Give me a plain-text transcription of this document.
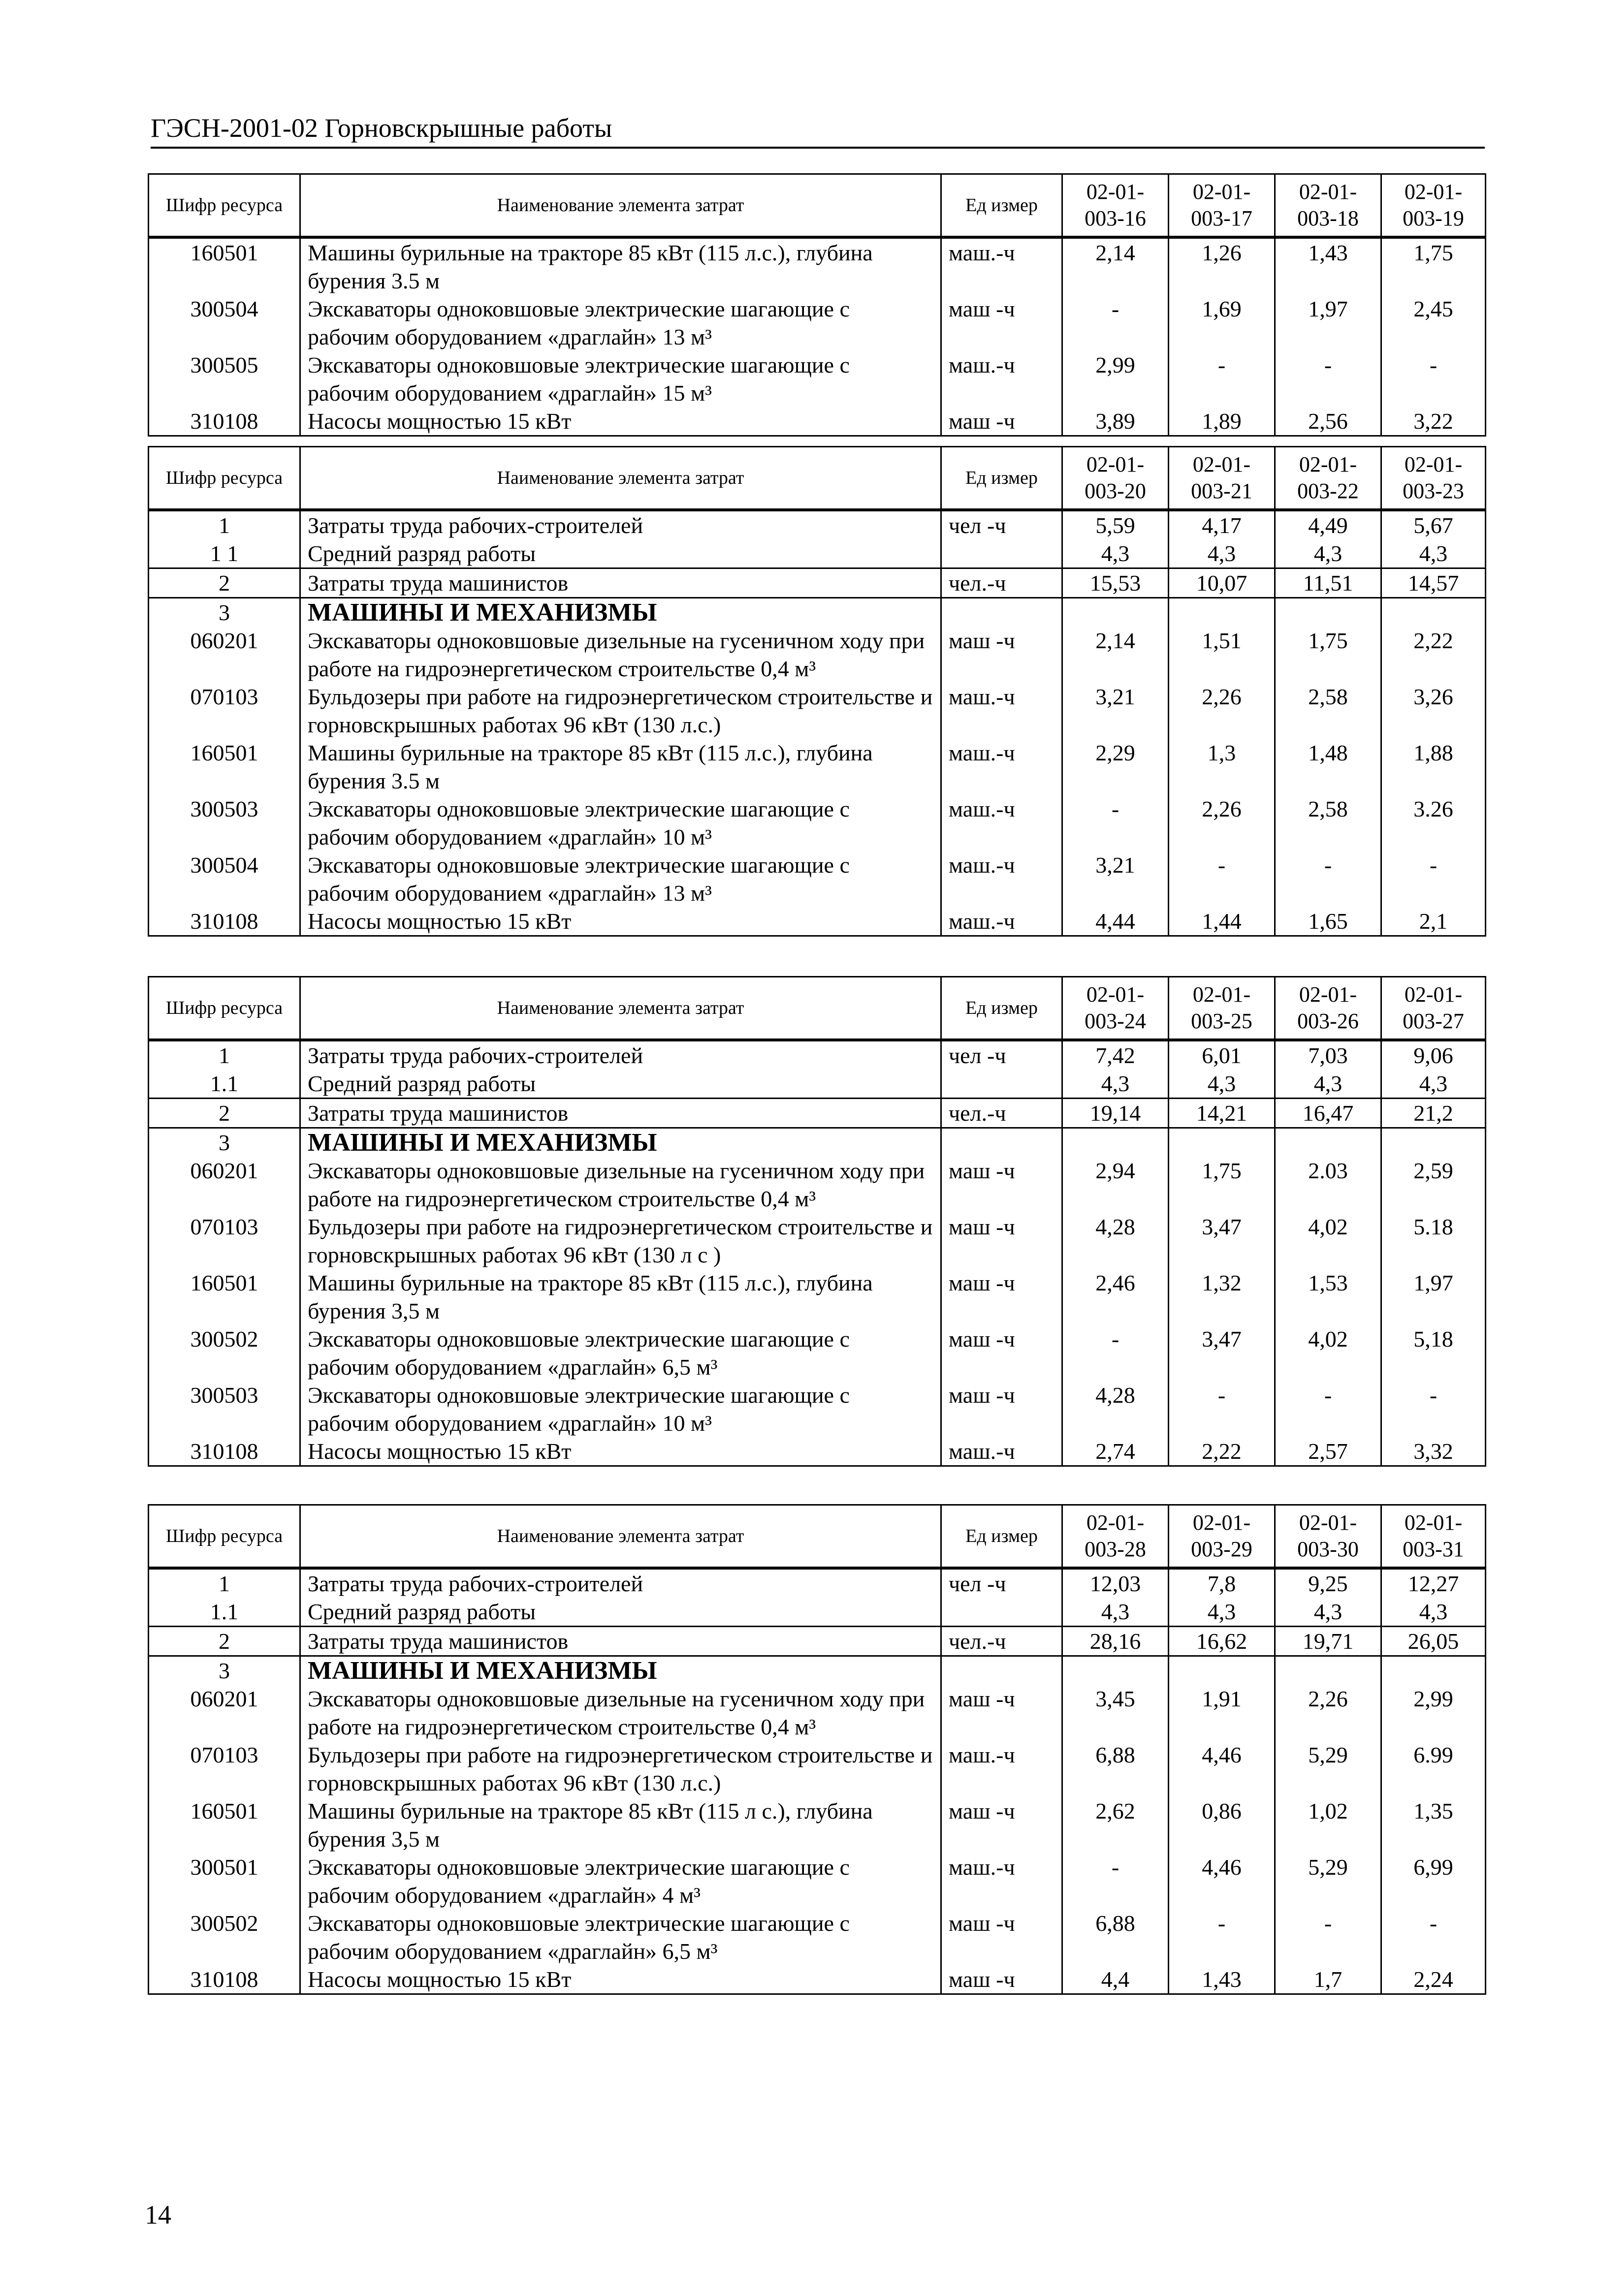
ГЭСН-2001-02 Горновскрышные работы
Шифр ресурса	Наименование элемента затрат	Ед измер	02-01-003-16	02-01-003-17	02-01-003-18	02-01-003-19
160501	Машины бурильные на тракторе 85 кВт (115 л.с.), глубина бурения 3.5 м	маш.-ч	2,14	1,26	1,43	1,75
300504	Экскаваторы одноковшовые электрические шагающие с рабочим оборудованием «драглайн» 13 м³	маш -ч	-	1,69	1,97	2,45
300505	Экскаваторы одноковшовые электрические шагающие с рабочим оборудованием «драглайн» 15 м³	маш.-ч	2,99	-	-	-
310108	Насосы мощностью 15 кВт	маш -ч	3,89	1,89	2,56	3,22
Шифр ресурса	Наименование элемента затрат	Ед измер	02-01-003-20	02-01-003-21	02-01-003-22	02-01-003-23
1	Затраты труда рабочих-строителей	чел -ч	5,59	4,17	4,49	5,67
1 1	Средний разряд работы		4,3	4,3	4,3	4,3
2	Затраты труда машинистов	чел.-ч	15,53	10,07	11,51	14,57
3	МАШИНЫ И МЕХАНИЗМЫ					
060201	Экскаваторы одноковшовые дизельные на гусеничном ходу при работе на гидроэнергетическом строительстве 0,4 м³	маш -ч	2,14	1,51	1,75	2,22
070103	Бульдозеры при работе на гидроэнергетическом строительстве и горновскрышных работах 96 кВт (130 л.с.)	маш.-ч	3,21	2,26	2,58	3,26
160501	Машины бурильные на тракторе 85 кВт (115 л.с.), глубина бурения 3.5 м	маш.-ч	2,29	1,3	1,48	1,88
300503	Экскаваторы одноковшовые электрические шагающие с рабочим оборудованием «драглайн» 10 м³	маш.-ч	-	2,26	2,58	3.26
300504	Экскаваторы одноковшовые электрические шагающие с рабочим оборудованием «драглайн» 13 м³	маш.-ч	3,21	-	-	-
310108	Насосы мощностью 15 кВт	маш.-ч	4,44	1,44	1,65	2,1
Шифр ресурса	Наименование элемента затрат	Ед измер	02-01-003-24	02-01-003-25	02-01-003-26	02-01-003-27
1	Затраты труда рабочих-строителей	чел -ч	7,42	6,01	7,03	9,06
1.1	Средний разряд работы		4,3	4,3	4,3	4,3
2	Затраты труда машинистов	чел.-ч	19,14	14,21	16,47	21,2
3	МАШИНЫ И МЕХАНИЗМЫ					
060201	Экскаваторы одноковшовые дизельные на гусеничном ходу при работе на гидроэнергетическом строительстве 0,4 м³	маш -ч	2,94	1,75	2.03	2,59
070103	Бульдозеры при работе на гидроэнергетическом строительстве и горновскрышных работах 96 кВт (130 л с )	маш -ч	4,28	3,47	4,02	5.18
160501	Машины бурильные на тракторе 85 кВт (115 л.с.), глубина бурения 3,5 м	маш -ч	2,46	1,32	1,53	1,97
300502	Экскаваторы одноковшовые электрические шагающие с рабочим оборудованием «драглайн» 6,5 м³	маш -ч	-	3,47	4,02	5,18
300503	Экскаваторы одноковшовые электрические шагающие с рабочим оборудованием «драглайн» 10 м³	маш -ч	4,28	-	-	-
310108	Насосы мощностью 15 кВт	маш.-ч	2,74	2,22	2,57	3,32
Шифр ресурса	Наименование элемента затрат	Ед измер	02-01-003-28	02-01-003-29	02-01-003-30	02-01-003-31
1	Затраты труда рабочих-строителей	чел -ч	12,03	7,8	9,25	12,27
1.1	Средний разряд работы		4,3	4,3	4,3	4,3
2	Затраты труда машинистов	чел.-ч	28,16	16,62	19,71	26,05
3	МАШИНЫ И МЕХАНИЗМЫ					
060201	Экскаваторы одноковшовые дизельные на гусеничном ходу при работе на гидроэнергетическом строительстве 0,4 м³	маш -ч	3,45	1,91	2,26	2,99
070103	Бульдозеры при работе на гидроэнергетическом строительстве и горновскрышных работах 96 кВт (130 л.с.)	маш.-ч	6,88	4,46	5,29	6.99
160501	Машины бурильные на тракторе 85 кВт (115 л с.), глубина бурения 3,5 м	маш -ч	2,62	0,86	1,02	1,35
300501	Экскаваторы одноковшовые электрические шагающие с рабочим оборудованием «драглайн» 4 м³	маш.-ч	-	4,46	5,29	6,99
300502	Экскаваторы одноковшовые электрические шагающие с рабочим оборудованием «драглайн» 6,5 м³	маш -ч	6,88	-	-	-
310108	Насосы мощностью 15 кВт	маш -ч	4,4	1,43	1,7	2,24
14
